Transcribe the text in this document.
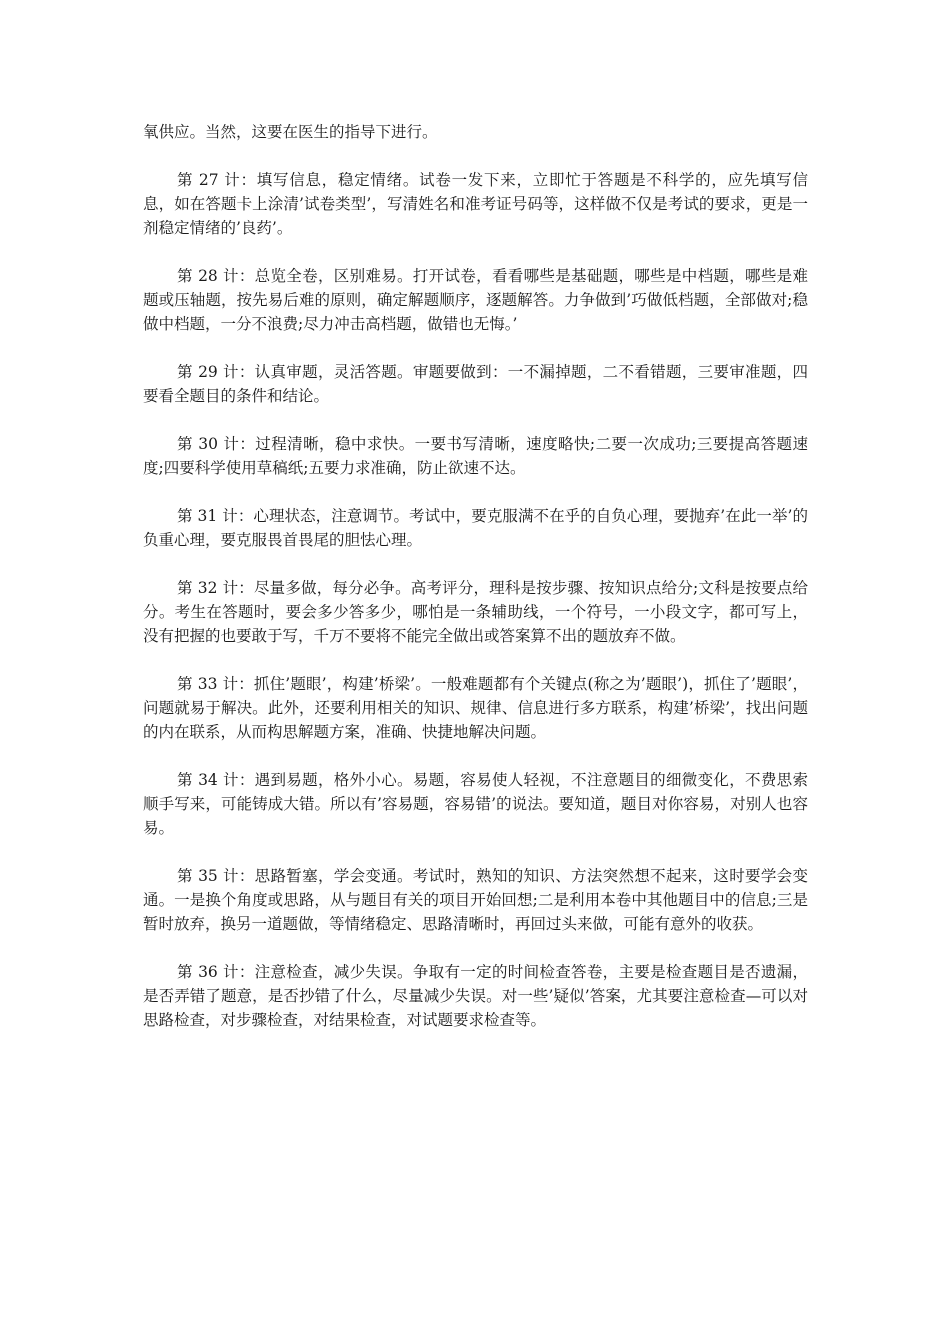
氧供应。当然，这要在医生的指导下进行。

第 27 计：填写信息，稳定情绪。试卷一发下来，立即忙于答题是不科学的，应先填写信息，如在答题卡上涂清’试卷类型’，写清姓名和准考证号码等，这样做不仅是考试的要求，更是一剂稳定情绪的’良药’。

第 28 计：总览全卷，区别难易。打开试卷，看看哪些是基础题，哪些是中档题，哪些是难题或压轴题，按先易后难的原则，确定解题顺序，逐题解答。力争做到’巧做低档题，全部做对;稳做中档题，一分不浪费;尽力冲击高档题，做错也无悔。’

第 29 计：认真审题，灵活答题。审题要做到：一不漏掉题，二不看错题，三要审准题，四要看全题目的条件和结论。

第 30 计：过程清晰，稳中求快。一要书写清晰，速度略快;二要一次成功;三要提高答题速度;四要科学使用草稿纸;五要力求准确，防止欲速不达。

第 31 计：心理状态，注意调节。考试中，要克服满不在乎的自负心理，要抛弃’在此一举’的负重心理，要克服畏首畏尾的胆怯心理。

第 32 计：尽量多做，每分必争。高考评分，理科是按步骤、按知识点给分;文科是按要点给分。考生在答题时，要会多少答多少，哪怕是一条辅助线，一个符号，一小段文字，都可写上，没有把握的也要敢于写，千万不要将不能完全做出或答案算不出的题放弃不做。

第 33 计：抓住’题眼’，构建’桥梁’。一般难题都有个关键点(称之为’题眼’)，抓住了’题眼’，问题就易于解决。此外，还要利用相关的知识、规律、信息进行多方联系，构建’桥梁’，找出问题的内在联系，从而构思解题方案，准确、快捷地解决问题。

第 34 计：遇到易题，格外小心。易题，容易使人轻视，不注意题目的细微变化，不费思索顺手写来，可能铸成大错。所以有’容易题，容易错’的说法。要知道，题目对你容易，对别人也容易。

第 35 计：思路暂塞，学会变通。考试时，熟知的知识、方法突然想不起来，这时要学会变通。一是换个角度或思路，从与题目有关的项目开始回想;二是利用本卷中其他题目中的信息;三是暂时放弃，换另一道题做，等情绪稳定、思路清晰时，再回过头来做，可能有意外的收获。

第 36 计：注意检查，减少失误。争取有一定的时间检查答卷，主要是检查题目是否遗漏，是否弄错了题意，是否抄错了什么，尽量减少失误。对一些’疑似’答案，尤其要注意检查—可以对思路检查，对步骤检查，对结果检查，对试题要求检查等。
